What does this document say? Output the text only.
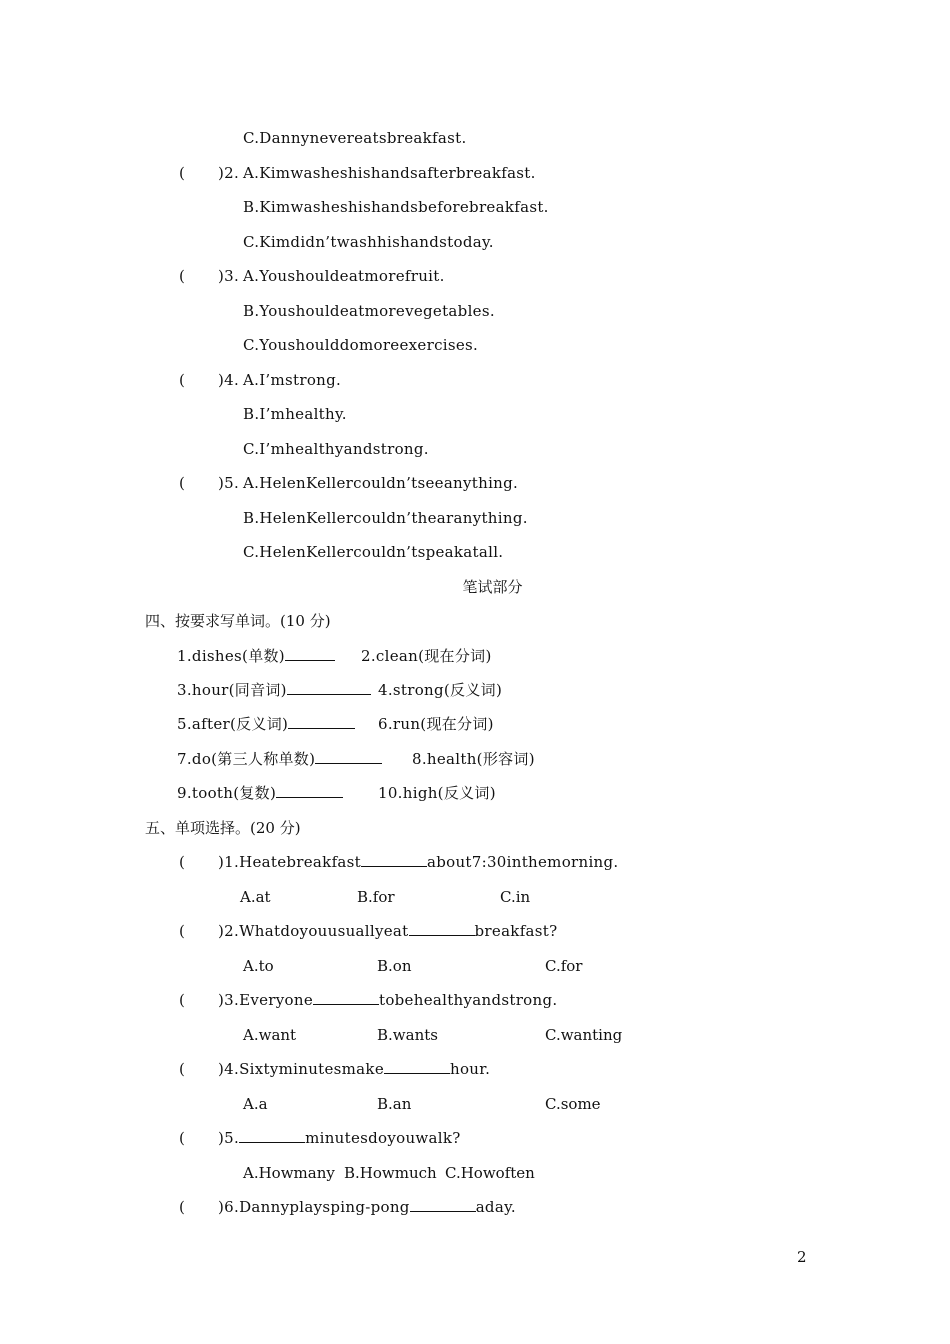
C.Dannynevereatsbreakfast.
( )2. A.Kimwasheshishandsafterbreakfast.
B.Kimwasheshishandsbeforebreakfast.
C.Kimdidn’twashhishandstoday.
( )3. A.Youshouldeatmorefruit.
B.Youshouldeatmorevegetables.
C.Youshoulddomoreexercises.
( )4. A.I’mstrong.
B.I’mhealthy.
C.I’mhealthyandstrong.
( )5. A.HelenKellercouldn’tseeanything.
B.HelenKellercouldn’thearanything.
C.HelenKellercouldn’tspeakatall.
笔试部分
四、按要求写单词。(10 分)
1.dishes(单数)	2.clean(现在分词)
3.hour(同音词)	4.strong(反义词)
5.after(反义词)	6.run(现在分词)
7.do(第三人称单数)	8.health(形容词)
9.tooth(复数)	10.high(反义词)
五、单项选择。(20 分)
( )1.Heatebreakfast	about7:30inthemorning.
A.at	B.for	C.in
( )2.Whatdoyouusuallyeat	breakfast?
A.to	B.on	C.for
( )3.Everyone	tobehealthyandstrong.
A.want	B.wants	C.wanting
( )4.Sixtyminutesmake	hour.
A.a	B.an	C.some
( )5.	minutesdoyouwalk?
A.Howmany B.Howmuch C.Howoften
( )6.Dannyplaysping-pong	aday.
2
